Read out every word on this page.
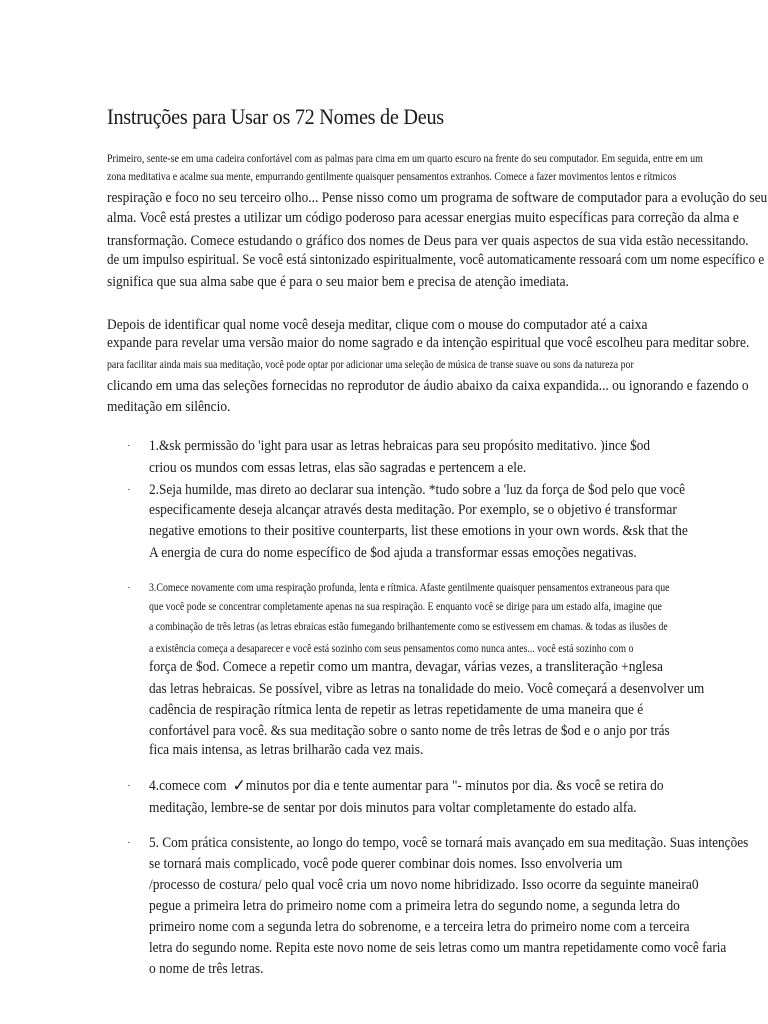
Instruções para Usar os 72 Nomes de Deus

Primeiro, sente-se em uma cadeira confortável com as palmas para cima em um quarto escuro na frente do seu computador. Em seguida, entre em um

zona meditativa e acalme sua mente, empurrando gentilmente quaisquer pensamentos extranhos. Comece a fazer movimentos lentos e rítmicos

respiração e foco no seu terceiro olho... Pense nisso como um programa de software de computador para a evolução do seu

alma. Você está prestes a utilizar um código poderoso para acessar energias muito específicas para correção da alma e

transformação. Comece estudando o gráfico dos nomes de Deus para ver quais aspectos de sua vida estão necessitando.

de um impulso espiritual. Se você está sintonizado espiritualmente, você automaticamente ressoará com um nome específico e

significa que sua alma sabe que é para o seu maior bem e precisa de atenção imediata.

Depois de identificar qual nome você deseja meditar, clique com o mouse do computador até a caixa

expande para revelar uma versão maior do nome sagrado e da intenção espiritual que você escolheu para meditar sobre.

para facilitar ainda mais sua meditação, você pode optar por adicionar uma seleção de música de transe suave ou sons da natureza por

clicando em uma das seleções fornecidas no reprodutor de áudio abaixo da caixa expandida... ou ignorando e fazendo o

meditação em silêncio.

· 1.&sk permissão do 'ight para usar as letras hebraicas para seu propósito meditativo. )ince $od

criou os mundos com essas letras, elas são sagradas e pertencem a ele.

· 2.Seja humilde, mas direto ao declarar sua intenção. *tudo sobre a 'luz da força de $od pelo que você

especificamente deseja alcançar através desta meditação. Por exemplo, se o objetivo é transformar

negative emotions to their positive counterparts, list these emotions in your own words. &sk that the

A energia de cura do nome específico de $od ajuda a transformar essas emoções negativas.

· 3.Comece novamente com uma respiração profunda, lenta e rítmica. Afaste gentilmente quaisquer pensamentos extraneous para que

que você pode se concentrar completamente apenas na sua respiração. E enquanto você se dirige para um estado alfa, imagine que

a combinação de três letras (as letras ebraicas estão fumegando brilhantemente como se estivessem em chamas. & todas as ilusões de

a existência começa a desaparecer e você está sozinho com seus pensamentos como nunca antes... você está sozinho com o

força de $od. Comece a repetir como um mantra, devagar, várias vezes, a transliteração +nglesa

das letras hebraicas. Se possível, vibre as letras na tonalidade do meio. Você começará a desenvolver um

cadência de respiração rítmica lenta de repetir as letras repetidamente de uma maneira que é

confortável para você. &s sua meditação sobre o santo nome de três letras de $od e o anjo por trás

fica mais intensa, as letras brilharão cada vez mais.

· 4.comece com ✓minutos por dia e tente aumentar para "- minutos por dia. &s você se retira do

meditação, lembre-se de sentar por dois minutos para voltar completamente do estado alfa.

· 5. Com prática consistente, ao longo do tempo, você se tornará mais avançado em sua meditação. Suas intenções

se tornará mais complicado, você pode querer combinar dois nomes. Isso envolveria um

/processo de costura/ pelo qual você cria um novo nome hibridizado. Isso ocorre da seguinte maneira0

pegue a primeira letra do primeiro nome com a primeira letra do segundo nome, a segunda letra do

primeiro nome com a segunda letra do sobrenome, e a terceira letra do primeiro nome com a terceira

letra do segundo nome. Repita este novo nome de seis letras como um mantra repetidamente como você faria

o nome de três letras.
